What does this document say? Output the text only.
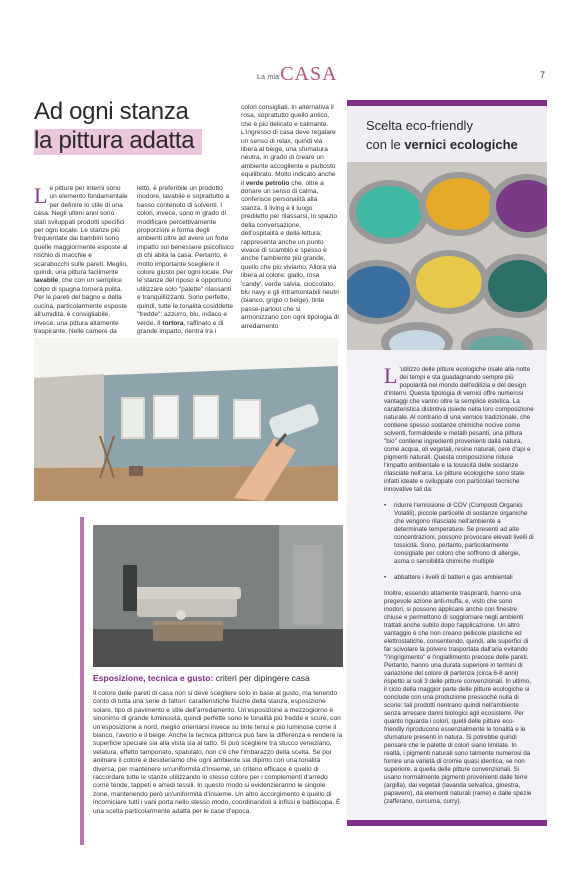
La mia CASA	7
Ad ogni stanza
la pittura adatta
Le pitture per interni sono un elemento fondamentale per definire lo stile di una casa. Negli ultimi anni sono stati sviluppati prodotti specifici per ogni locale. Le stanze più frequentate dai bambini sono quelle maggiormente esposte al rischio di macchie e scarabocchi sulle pareti. Meglio, quindi, una pittura facilmente lavabile, che con un semplice colpo di spugna tornerà pulita. Per le pareti del bagno e della cucina, particolarmente esposte all'umidità, è consigliabile, invece, una pittura altamente traspirante. Nelle camere da
letto, è preferibile un prodotto inodore, lavabile e soprattutto a basso contenuto di solventi. I colori, invece, sono in grado di modificare percettivamente proporzioni e forma degli ambienti oltre ad avere un forte impatto sul benessere psicofisico di chi abita la casa. Pertanto, è molto importante scegliere il colore giusto per ogni locale. Per le stanze del riposo è opportuno utilizzare solo "palette" rilassanti e tranquillizzanti. Sono perfette, quindi, tutte le tonalità cosiddette "fredde": azzurro, blu, indaco e verde. Il tortora, raffinato e di grande impatto, rientra tra i
colori consigliati. In alternativa il rosa, soprattutto quello antico, che è più delicato e calmante. L'ingresso di casa deve regalare un senso di relax, quindi via libera al beige, una sfumatura neutra, in grado di creare un ambiente accogliente e piuttosto equilibrato. Molto indicato anche il verde petrolio che, oltre a donare un senso di calma, conferisce personalità alla stanza. Il living è il luogo prediletto per rilassarsi, lo spazio della conversazione, dell'ospitalità e della lettura; rappresenta anche un punto vivace di scambio e spesso è anche l'ambiente più grande, quello che più viviamo. Allora via libera al colore: giallo, rosa 'candy', verde salvia, cioccolato, blu navy e gli intramontabili neutri (bianco, grigio o beige), tinte passe-partout che si armonizzano con ogni tipologia di arredamento
Esposizione, tecnica e gusto: criteri per dipingere casa
Il colore delle pareti di casa non si deve scegliere solo in base al gusto, ma tenendo conto di tutta una serie di fattori: caratteristiche fisiche della stanza, esposizione solare, tipo di pavimento e stile dell'arredamento. Un'esposizione a mezzogiorno è sinonimo di grande luminosità, quindi perfette sono le tonalità più fredde e scure, con un'esposizione a nord, meglio orientarsi invece su tinte tenui e più luminose come il bianco, l'avorio e il beige. Anche la tecnica pittorica può fare la differenza e rendere la superficie speciale sia alla vista sia al tatto. Si può scegliere tra stucco veneziano, velatura, effetto tamponato, spatolato, non c'è che l'imbarazzo della scelta. Se poi animare il colore e desideriamo che ogni ambiente sia dipinto con una tonalità diversa, per mantenere un'uniformità d'insieme, un criterio efficace è quello di raccordare tutte le stanze utilizzando lo stesso colore per i complementi d'arredo come tende, tappeti e arredi tessili. In questo modo si evidenzieranno le singole zone, mantenendo però un'uniformità d'insieme. Un altro accorgimento è quello di incorniciare tutti i vani porta nello stesso modo, coordinandoli a infissi e battiscopa. È una scelta particolarmente adatta per le case d'epoca.
Scelta eco-friendly
con le vernici ecologiche
L 'utilizzo delle pitture ecologiche risale alla notte dei tempi e sta guadagnando sempre più popolarità nel mondo dell'edilizia e del design d'interni. Questa tipologia di vernici offre numerosi vantaggi che vanno oltre la semplice estetica. La caratteristica distintiva risiede nella loro composizione naturale. Al contrario di una vernice tradizionale, che contiene spesso sostanze chimiche nocive come solventi, formaldeide e metalli pesanti, una pittura "bio" contiene ingredienti provenienti dalla natura, come acqua, oli vegetali, resine naturali, cere d'api e pigmenti naturali. Questa composizione riduce l'impatto ambientale e la tossicità delle sostanze rilasciate nell'aria. Le pitture ecologiche sono state infatti ideate e sviluppate con particolari tecniche innovative tali da:
• ridurre l'emissione di COV (Composti Organici Volatili), piccole particelle di sostanze organiche che vengono rilasciate nell'ambiente a determinate temperature. Se presenti ad alte concentrazioni, possono provocare elevati livelli di tossicità. Sono, pertanto, particolarmente consigliate per coloro che soffrono di allergie, asma o sensibilità chimiche multiple
• abbattere i livelli di batteri e gas ambientali
Inoltre, essendo altamente traspiranti, hanno una pregevole azione anti-muffa, e, visto che sono inodori, si possono applicare anche con finestre chiuse e permettono di soggiornare negli ambienti trattati anche subito dopo l'applicazione. Un altro vantaggio è che non creano pellicole plastiche ed elettrostatiche, consentendo, quindi, alle superfici di far scivolare la polvere trasportata dall'aria evitando "l'ingrigimento" e l'ingiallimento precoce delle pareti. Pertanto, hanno una durata superiore in termini di variazione del colore di partenza (circa 6-8 anni) rispetto ai soli 3 delle pitture convenzionali. In ultimo, il ciclo della maggior parte delle pitture ecologiche si conclude con una produzione pressoché nulla di scorie: tali prodotti rientrano quindi nell'ambiente senza arrecare danni biologici agli ecosistemi. Per quanto riguarda i colori, quelli delle pitture eco-friendly riproducono essenzialmente le tonalità e le sfumature presenti in natura. Si potrebbe quindi pensare che le palette di colori siano limitate. In realtà, i pigmenti naturali sono talmente numerosi da fornire una varietà di cromie quasi identica, se non superiore, a quella delle pitture convenzionali. Si usano normalmente pigmenti provenienti dalle terre (argilla), dai vegetali (lavanda selvatica, ginestra, papavero), da elementi naturali (rame) e dalle spezie (zafferano, curcuma, curry).
